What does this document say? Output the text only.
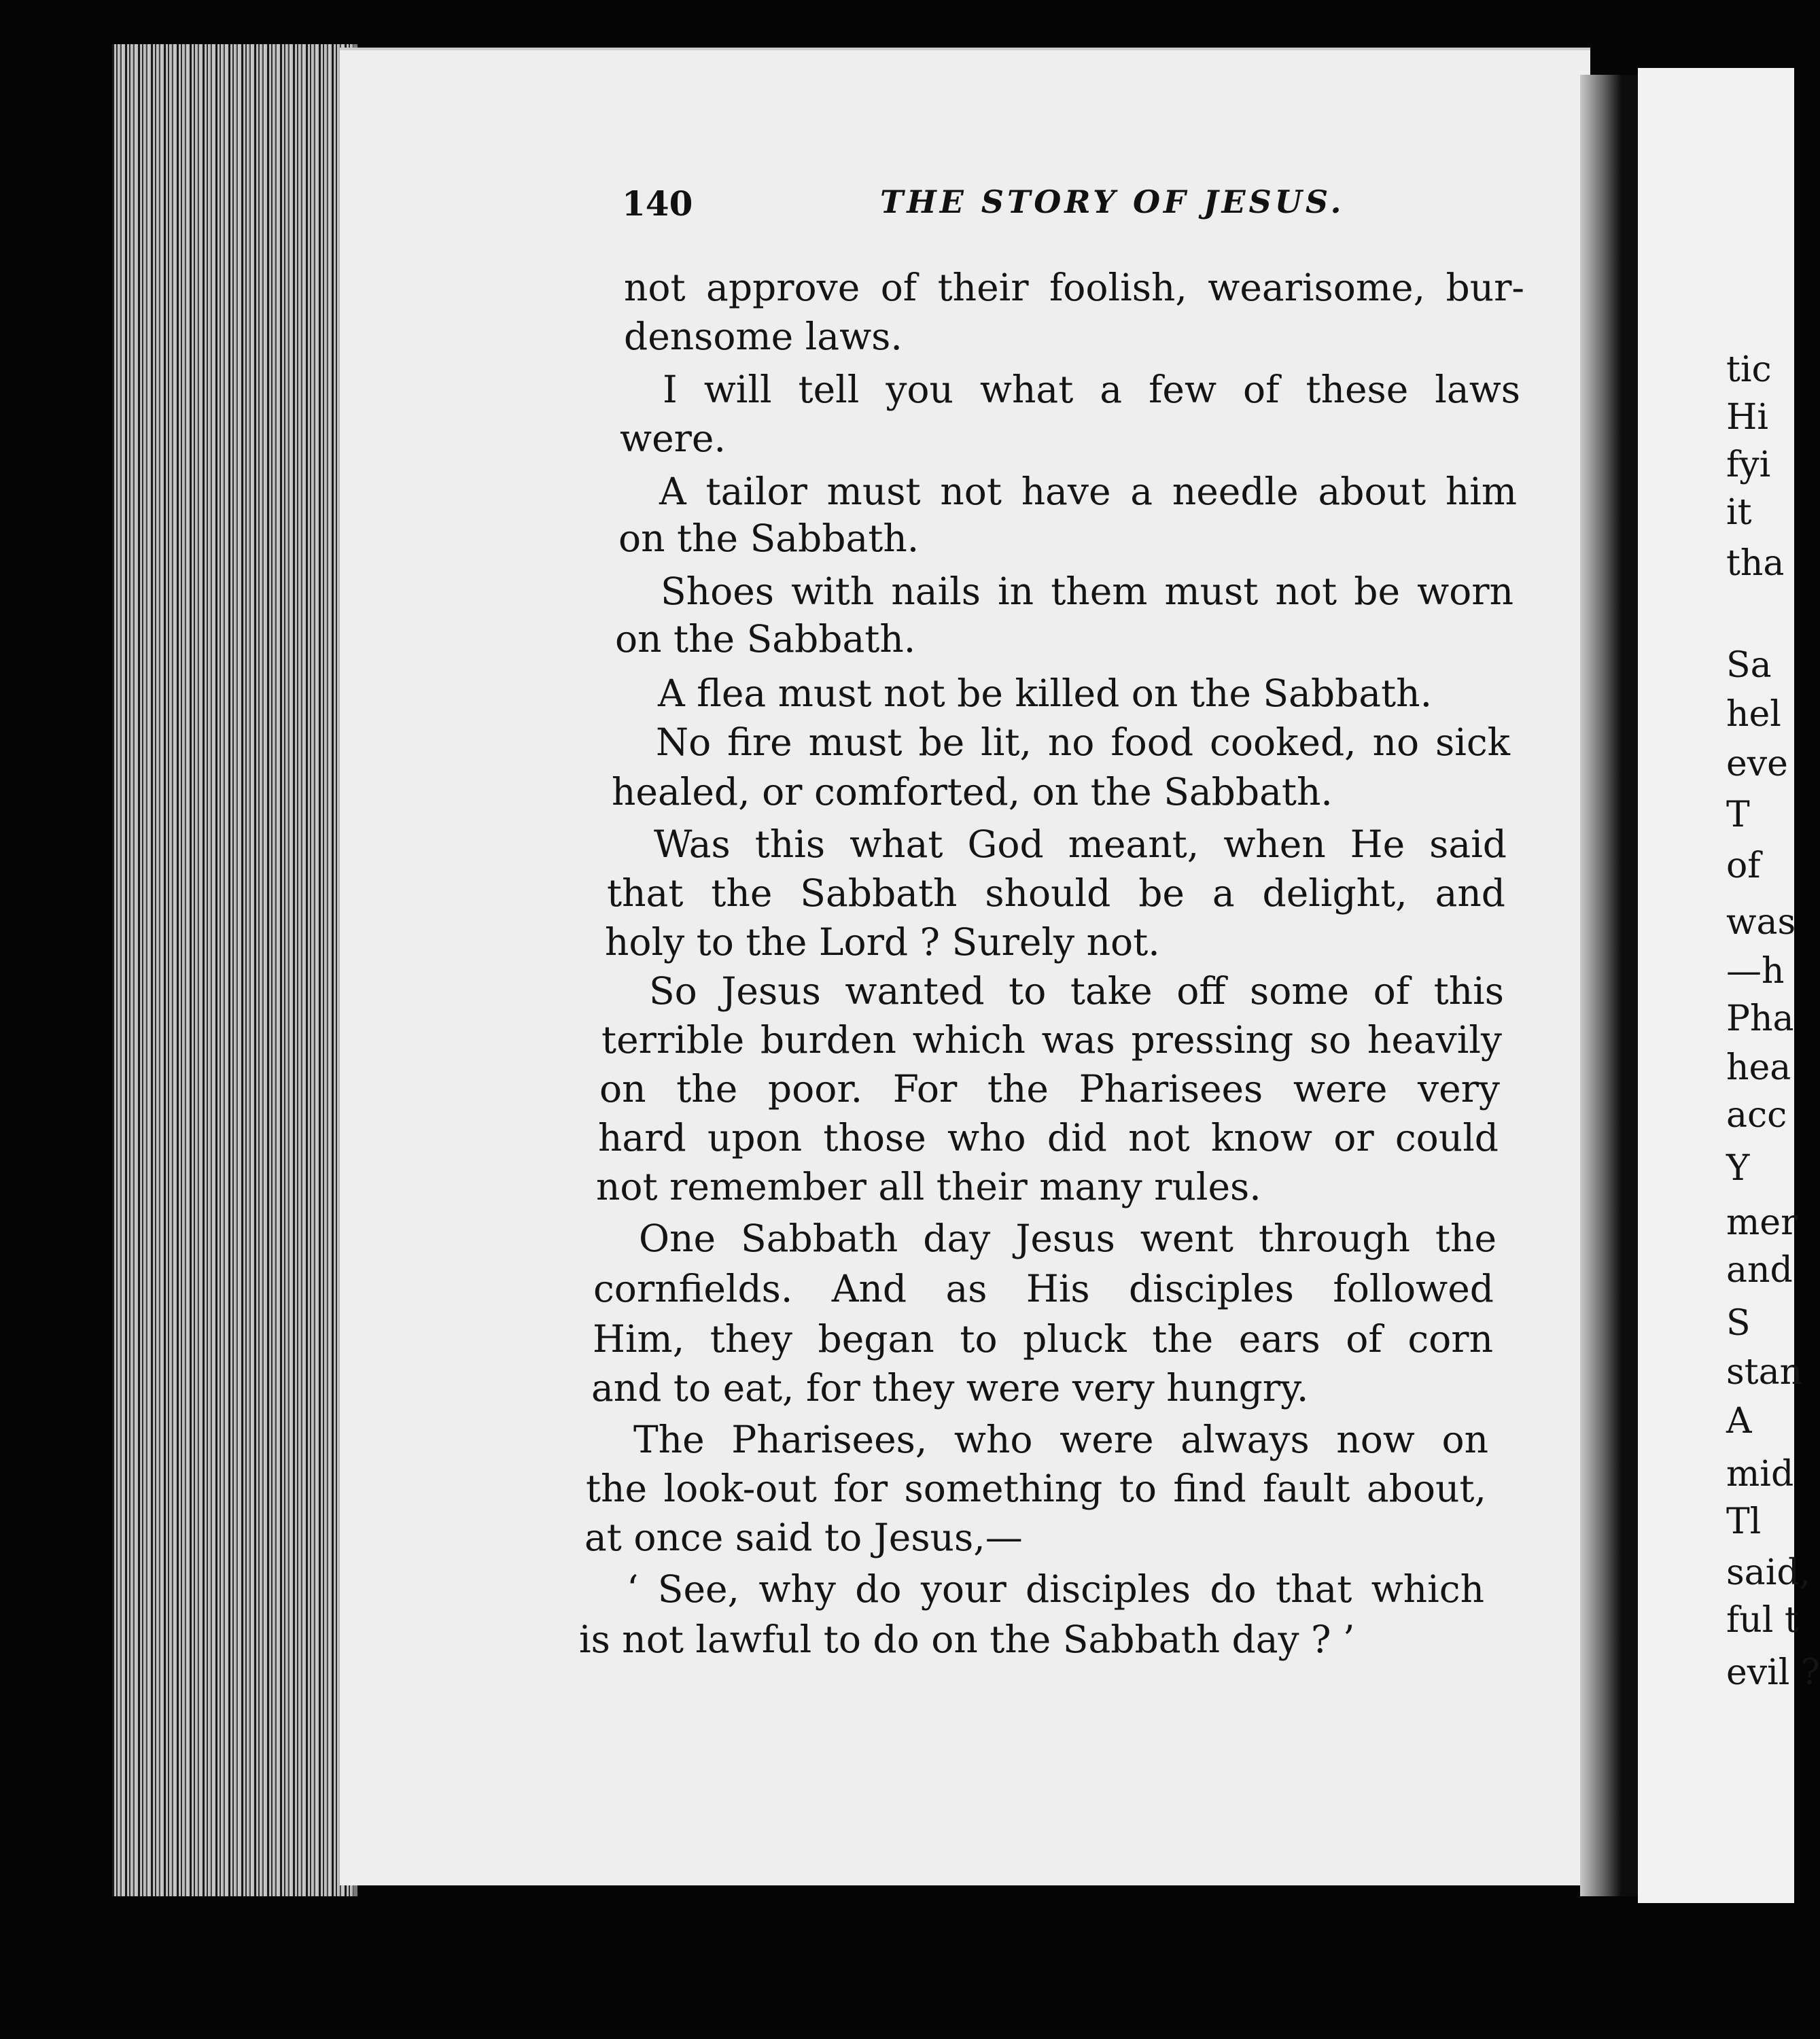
140	THE STORY OF JESUS.
not approve of their foolish, wearisome, bur-
densome laws.
I will tell you what a few of these laws
were.
A tailor must not have a needle about him
on the Sabbath.
Shoes with nails in them must not be worn
on the Sabbath.
A flea must not be killed on the Sabbath.
No fire must be lit, no food cooked, no sick
healed, or comforted, on the Sabbath.
Was this what God meant, when He said
that the Sabbath should be a delight, and
holy to the Lord ? Surely not.
So Jesus wanted to take off some of this
terrible burden which was pressing so heavily
on the poor. For the Pharisees were very
hard upon those who did not know or could
not remember all their many rules.
One Sabbath day Jesus went through the
cornfields. And as His disciples followed
Him, they began to pluck the ears of corn
and to eat, for they were very hungry.
The Pharisees, who were always now on
the look-out for something to find fault about,
at once said to Jesus,—
‘ See, why do your disciples do that which
is not lawful to do on the Sabbath day ? ’
tic
Hi
fyi
it
tha
Sa
hel
eve
T
of
was
—h
Pha
hea
acc
Y
mer
and
S
stan
A
mid
Tl
said,
ful t
evil ?
